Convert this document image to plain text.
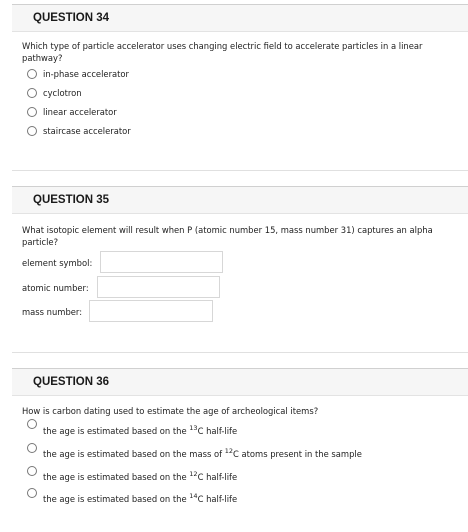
QUESTION 34
Which type of particle accelerator uses changing electric field to accelerate particles in a linear pathway?
in-phase accelerator
cyclotron
linear accelerator
staircase accelerator
QUESTION 35
What isotopic element will result when P (atomic number 15, mass number 31) captures an alpha particle?
element symbol:
atomic number:
mass number:
QUESTION 36
How is carbon dating used to estimate the age of archeological items?
the age is estimated based on the $^{13}$C half-life
the age is estimated based on the mass of $^{12}$C atoms present in the sample
the age is estimated based on the $^{12}$C half-life
the age is estimated based on the $^{14}$C half-life
